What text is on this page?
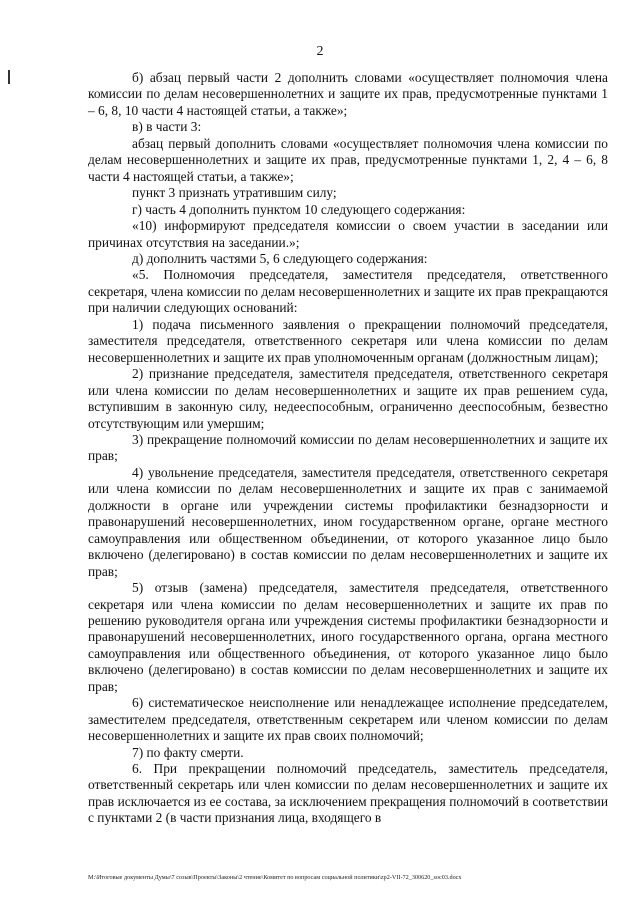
2

б) абзац первый части 2 дополнить словами «осуществляет полномочия члена комиссии по делам несовершеннолетних и защите их прав, предусмотренные пунктами 1 – 6, 8, 10 части 4 настоящей статьи, а также»;

в) в части 3:

абзац первый дополнить словами «осуществляет полномочия члена комиссии по делам несовершеннолетних и защите их прав, предусмотренные пунктами 1, 2, 4 – 6, 8 части 4 настоящей статьи, а также»;

пункт 3 признать утратившим силу;

г) часть 4 дополнить пунктом 10 следующего содержания:

«10) информируют председателя комиссии о своем участии в заседании или причинах отсутствия на заседании.»;

д) дополнить частями 5, 6 следующего содержания:

«5. Полномочия председателя, заместителя председателя, ответственного секретаря, члена комиссии по делам несовершеннолетних и защите их прав прекращаются при наличии следующих оснований:

1) подача письменного заявления о прекращении полномочий председателя, заместителя председателя, ответственного секретаря или члена комиссии по делам несовершеннолетних и защите их прав уполномоченным органам (должностным лицам);

2) признание председателя, заместителя председателя, ответственного секретаря или члена комиссии по делам несовершеннолетних и защите их прав решением суда, вступившим в законную силу, недееспособным, ограниченно дееспособным, безвестно отсутствующим или умершим;

3) прекращение полномочий комиссии по делам несовершеннолетних и защите их прав;

4) увольнение председателя, заместителя председателя, ответственного секретаря или члена комиссии по делам несовершеннолетних и защите их прав с занимаемой должности в органе или учреждении системы профилактики безнадзорности и правонарушений несовершеннолетних, ином государственном органе, органе местного самоуправления или общественном объединении, от которого указанное лицо было включено (делегировано) в состав комиссии по делам несовершеннолетних и защите их прав;

5) отзыв (замена) председателя, заместителя председателя, ответственного секретаря или члена комиссии по делам несовершеннолетних и защите их прав по решению руководителя органа или учреждения системы профилактики безнадзорности и правонарушений несовершеннолетних, иного государственного органа, органа местного самоуправления или общественного объединения, от которого указанное лицо было включено (делегировано) в состав комиссии по делам несовершеннолетних и защите их прав;

6) систематическое неисполнение или ненадлежащее исполнение председателем, заместителем председателя, ответственным секретарем или членом комиссии по делам несовершеннолетних и защите их прав своих полномочий;

7) по факту смерти.

6. При прекращении полномочий председатель, заместитель председателя, ответственный секретарь или член комиссии по делам несовершеннолетних и защите их прав исключается из ее состава, за исключением прекращения полномочий в соответствии с пунктами 2 (в части признания лица, входящего в

M:\Итоговые документы Думы\7 созыв\Проекты\Законы\2 чтение\Комитет по вопросам социальной политики\zp2-VII-72_300620_soc03.docx
